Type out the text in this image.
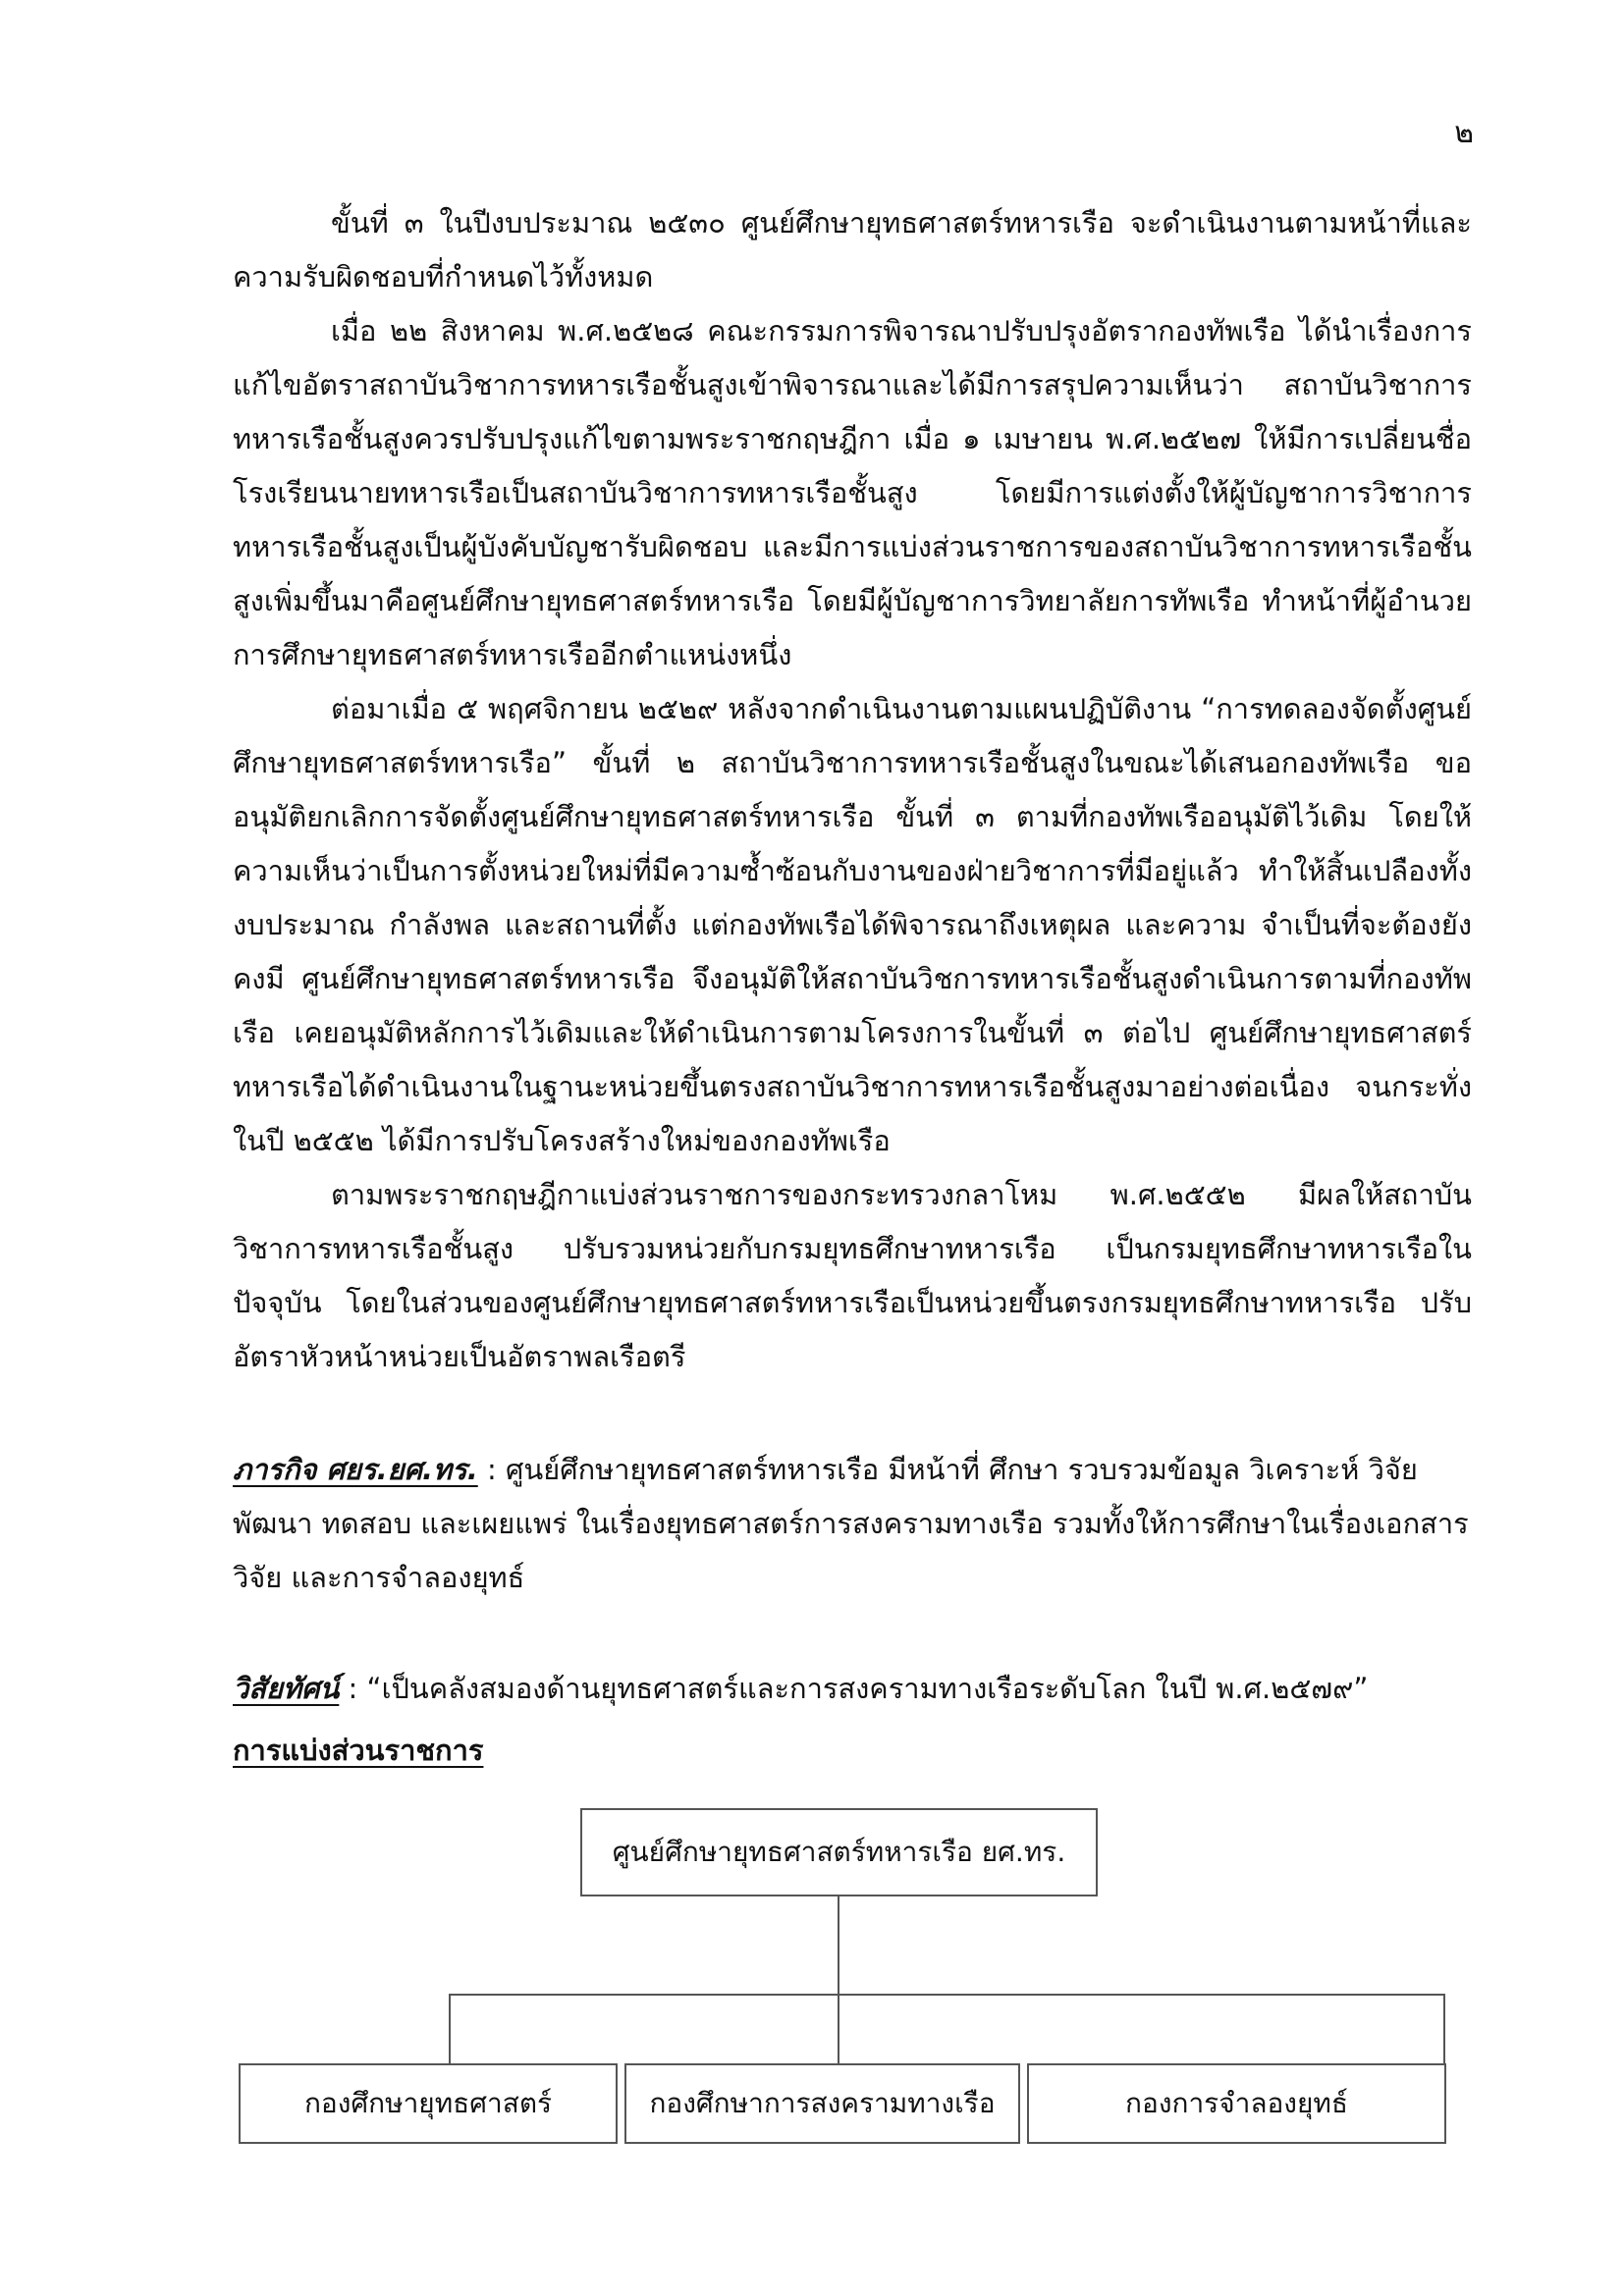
๒

ขั้นที่ ๓ ในปีงบประมาณ ๒๕๓๐ ศูนย์ศึกษายุทธศาสตร์ทหารเรือ จะดำเนินงานตามหน้าที่และความรับผิดชอบที่กำหนดไว้ทั้งหมด

เมื่อ ๒๒ สิงหาคม พ.ศ.๒๕๒๘ คณะกรรมการพิจารณาปรับปรุงอัตรากองทัพเรือ ได้นำเรื่องการแก้ไขอัตราสถาบันวิชาการทหารเรือชั้นสูงเข้าพิจารณาและได้มีการสรุปความเห็นว่า สถาบันวิชาการทหารเรือชั้นสูงควรปรับปรุงแก้ไขตามพระราชกฤษฎีกา เมื่อ ๑ เมษายน พ.ศ.๒๕๒๗ ให้มีการเปลี่ยนชื่อโรงเรียนนายทหารเรือเป็นสถาบันวิชาการทหารเรือชั้นสูง โดยมีการแต่งตั้งให้ผู้บัญชาการวิชาการทหารเรือชั้นสูงเป็นผู้บังคับบัญชารับผิดชอบ และมีการแบ่งส่วนราชการของสถาบันวิชาการทหารเรือชั้นสูงเพิ่มขึ้นมาคือศูนย์ศึกษายุทธศาสตร์ทหารเรือ โดยมีผู้บัญชาการวิทยาลัยการทัพเรือ ทำหน้าที่ผู้อำนวยการศึกษายุทธศาสตร์ทหารเรืออีกตำแหน่งหนึ่ง

ต่อมาเมื่อ ๕ พฤศจิกายน ๒๕๒๙ หลังจากดำเนินงานตามแผนปฏิบัติงาน “การทดลองจัดตั้งศูนย์ศึกษายุทธศาสตร์ทหารเรือ” ขั้นที่ ๒ สถาบันวิชาการทหารเรือชั้นสูงในขณะได้เสนอกองทัพเรือ ขออนุมัติยกเลิกการจัดตั้งศูนย์ศึกษายุทธศาสตร์ทหารเรือ ขั้นที่ ๓ ตามที่กองทัพเรืออนุมัติไว้เดิม โดยให้ความเห็นว่าเป็นการตั้งหน่วยใหม่ที่มีความซ้ำซ้อนกับงานของฝ่ายวิชาการที่มีอยู่แล้ว ทำให้สิ้นเปลืองทั้งงบประมาณ กำลังพล และสถานที่ตั้ง แต่กองทัพเรือได้พิจารณาถึงเหตุผล และความ จำเป็นที่จะต้องยังคงมี ศูนย์ศึกษายุทธศาสตร์ทหารเรือ จึงอนุมัติให้สถาบันวิชการทหารเรือชั้นสูงดำเนินการตามที่กองทัพเรือ เคยอนุมัติหลักการไว้เดิมและให้ดำเนินการตามโครงการในขั้นที่ ๓ ต่อไป ศูนย์ศึกษายุทธศาสตร์ทหารเรือได้ดำเนินงานในฐานะหน่วยขึ้นตรงสถาบันวิชาการทหารเรือชั้นสูงมาอย่างต่อเนื่อง จนกระทั่งในปี ๒๕๕๒ ได้มีการปรับโครงสร้างใหม่ของกองทัพเรือ

ตามพระราชกฤษฎีกาแบ่งส่วนราชการของกระทรวงกลาโหม พ.ศ.๒๕๕๒ มีผลให้สถาบันวิชาการทหารเรือชั้นสูง ปรับรวมหน่วยกับกรมยุทธศึกษาทหารเรือ เป็นกรมยุทธศึกษาทหารเรือในปัจจุบัน โดยในส่วนของศูนย์ศึกษายุทธศาสตร์ทหารเรือเป็นหน่วยขึ้นตรงกรมยุทธศึกษาทหารเรือ ปรับอัตราหัวหน้าหน่วยเป็นอัตราพลเรือตรี

ภารกิจ ศยร.ยศ.ทร. : ศูนย์ศึกษายุทธศาสตร์ทหารเรือ มีหน้าที่ ศึกษา รวบรวมข้อมูล วิเคราะห์ วิจัย พัฒนา ทดสอบ และเผยแพร่ ในเรื่องยุทธศาสตร์การสงครามทางเรือ รวมทั้งให้การศึกษาในเรื่องเอกสารวิจัย และการจำลองยุทธ์

วิสัยทัศน์ : “เป็นคลังสมองด้านยุทธศาสตร์และการสงครามทางเรือระดับโลก ในปี พ.ศ.๒๕๗๙”

การแบ่งส่วนราชการ
ศูนย์ศึกษายุทธศาสตร์ทหารเรือ ยศ.ทร.
กองศึกษายุทธศาสตร์	กองศึกษาการสงครามทางเรือ	กองการจำลองยุทธ์
